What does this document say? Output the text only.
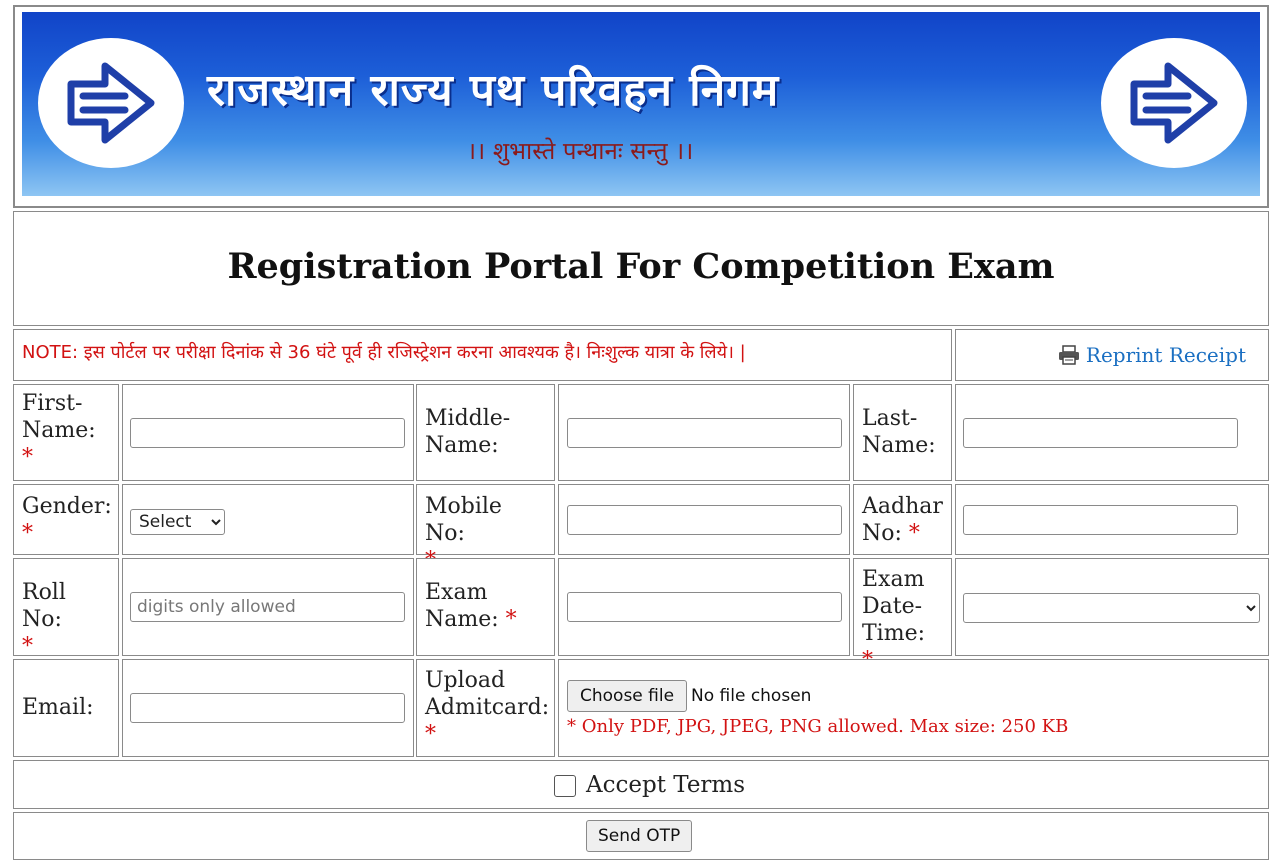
राजस्थान राज्य पथ परिवहन निगम
।। शुभास्ते पन्थानः सन्तु ।।
Registration Portal For Competition Exam
NOTE: इस पोर्टल पर परीक्षा दिनांक से 36 घंटे पूर्व ही रजिस्ट्रेशन करना आवश्यक है। निःशुल्क यात्रा के लिये। |	Reprint Receipt
First-Name:
*
Middle-Name:
Last-Name:
Gender:
*
Select
Mobile No:

Aadhar No: *
Roll No:
*
digits only allowed
Exam Name: *
Exam Date-Time:
Email:
Upload Admitcard:
*
Choose file No file chosen
* Only PDF, JPG, JPEG, PNG allowed. Max size: 250 KB
Accept Terms
Send OTP
